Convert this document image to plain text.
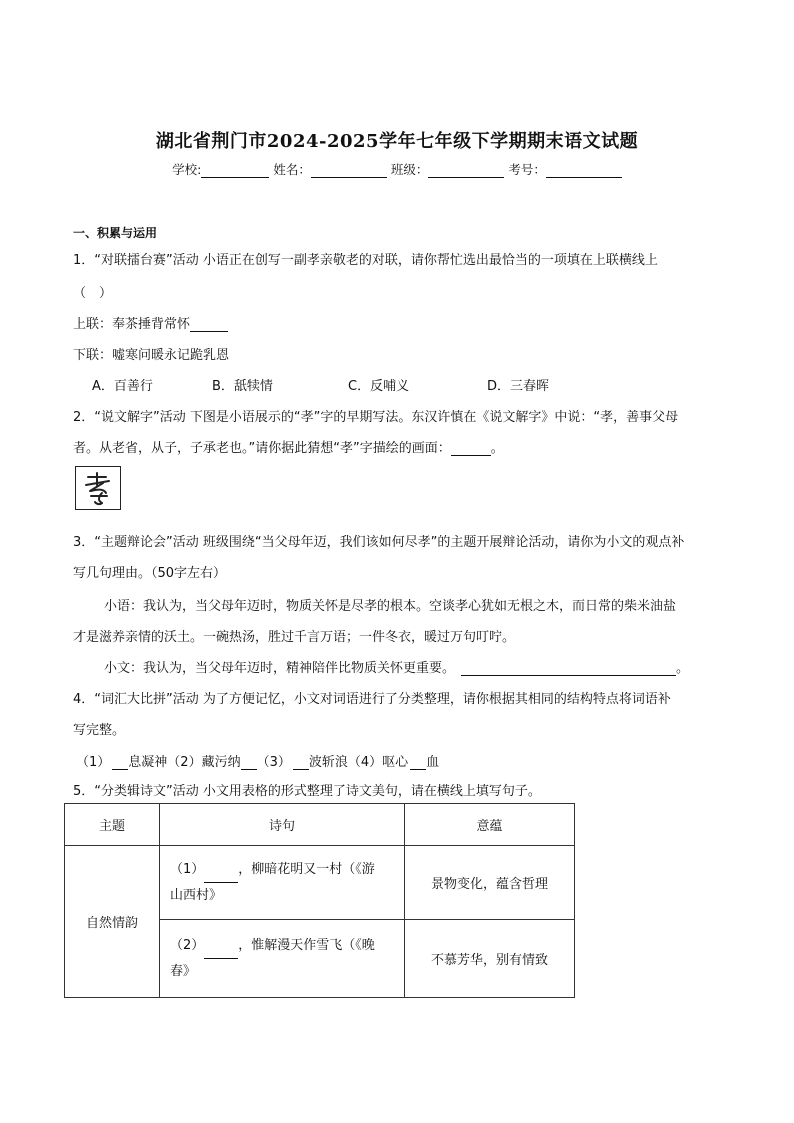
湖北省荆门市2024-2025学年七年级下学期期末语文试题
学校:	姓名：	班级：	考号：
一、积累与运用
1．“对联擂台赛”活动 小语正在创写一副孝亲敬老的对联，请你帮忙选出最恰当的一项填在上联横线上
（　）
上联：奉茶捶背常怀
下联：嘘寒问暖永记跪乳恩
A．百善行	B．舐犊情	C．反哺义	D．三春晖
2．“说文解字”活动 下图是小语展示的“孝”字的早期写法。东汉许慎在《说文解字》中说：“孝，善事父母
者。从老省，从子，子承老也。”请你据此猜想“孝”字描绘的画面：	。
3．“主题辩论会”活动 班级围绕“当父母年迈，我们该如何尽孝”的主题开展辩论活动，请你为小文的观点补
写几句理由。（50字左右）
小语：我认为，当父母年迈时，物质关怀是尽孝的根本。空谈孝心犹如无根之木，而日常的柴米油盐
才是滋养亲情的沃土。一碗热汤，胜过千言万语；一件冬衣，暖过万句叮咛。
小文：我认为，当父母年迈时，精神陪伴比物质关怀更重要。	。
4．“词汇大比拼”活动 为了方便记忆，小文对词语进行了分类整理，请你根据其相同的结构特点将词语补
写完整。
（1） 息凝神（2）藏污纳 （3） 波斩浪（4）呕心 血
5．“分类辑诗文”活动 小文用表格的形式整理了诗文美句，请在横线上填写句子。
主题	诗句	意蕴
自然情韵	（1） ，柳暗花明又一村（《游
山西村》	景物变化，蕴含哲理
	（2） ，惟解漫天作雪飞（《晚
春》	不慕芳华，别有情致
